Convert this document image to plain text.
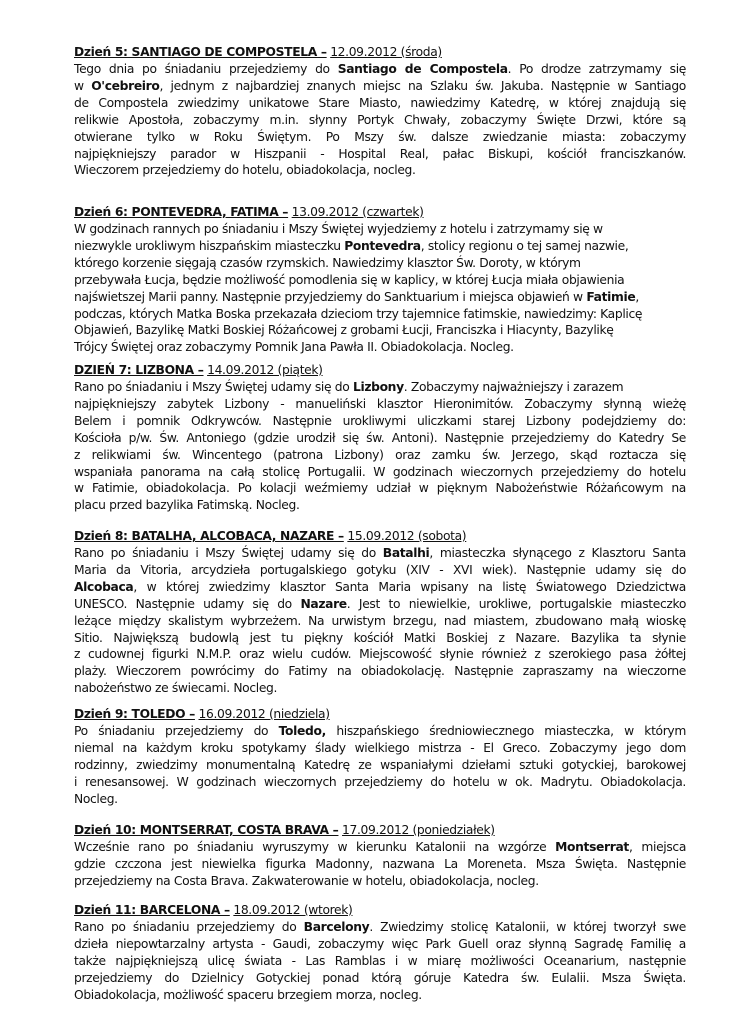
Dzień 5: SANTIAGO DE COMPOSTELA – 12.09.2012 (środa)
Tego dnia po śniadaniu przejedziemy do Santiago de Compostela. Po drodze zatrzymamy się
w O'cebreiro, jednym z najbardziej znanych miejsc na Szlaku św. Jakuba. Następnie w Santiago
de Compostela zwiedzimy unikatowe Stare Miasto, nawiedzimy Katedrę, w której znajdują się
relikwie Apostoła, zobaczymy m.in. słynny Portyk Chwały, zobaczymy Święte Drzwi, które są
otwierane tylko w Roku Świętym. Po Mszy św. dalsze zwiedzanie miasta: zobaczymy
najpiękniejszy parador w Hiszpanii - Hospital Real, pałac Biskupi, kościół franciszkanów.
Wieczorem przejedziemy do hotelu, obiadokolacja, nocleg.
Dzień 6: PONTEVEDRA, FATIMA – 13.09.2012 (czwartek)
W godzinach rannych po śniadaniu i Mszy Świętej wyjedziemy z hotelu i zatrzymamy się w
niezwykle urokliwym hiszpańskim miasteczku Pontevedra, stolicy regionu o tej samej nazwie,
którego korzenie sięgają czasów rzymskich. Nawiedzimy klasztor Św. Doroty, w którym
przebywała Łucja, będzie możliwość pomodlenia się w kaplicy, w której Łucja miała objawienia
najświetszej Marii panny. Następnie przyjedziemy do Sanktuarium i miejsca objawień w Fatimie,
podczas, których Matka Boska przekazała dzieciom trzy tajemnice fatimskie, nawiedzimy: Kaplicę
Objawień, Bazylikę Matki Boskiej Różańcowej z grobami Łucji, Franciszka i Hiacynty, Bazylikę
Trójcy Świętej oraz zobaczymy Pomnik Jana Pawła II. Obiadokolacja. Nocleg.
DZIEŃ 7: LIZBONA – 14.09.2012 (piątek)
Rano po śniadaniu i Mszy Świętej udamy się do Lizbony. Zobaczymy najważniejszy i zarazem
najpiękniejszy zabytek Lizbony - manueliński klasztor Hieronimitów. Zobaczymy słynną wieżę
Belem i pomnik Odkrywców. Następnie urokliwymi uliczkami starej Lizbony podejdziemy do:
Kościoła p/w. Św. Antoniego (gdzie urodził się św. Antoni). Następnie przejedziemy do Katedry Se
z relikwiami św. Wincentego (patrona Lizbony) oraz zamku św. Jerzego, skąd roztacza się
wspaniała panorama na całą stolicę Portugalii. W godzinach wieczornych przejedziemy do hotelu
w Fatimie, obiadokolacja. Po kolacji weźmiemy udział w pięknym Nabożeństwie Różańcowym na
placu przed bazylika Fatimską. Nocleg.
Dzień 8: BATALHA, ALCOBACA, NAZARE – 15.09.2012 (sobota)
Rano po śniadaniu i Mszy Świętej udamy się do Batalhi, miasteczka słynącego z Klasztoru Santa
Maria da Vitoria, arcydzieła portugalskiego gotyku (XIV - XVI wiek). Następnie udamy się do
Alcobaca, w której zwiedzimy klasztor Santa Maria wpisany na listę Światowego Dziedzictwa
UNESCO. Następnie udamy się do Nazare. Jest to niewielkie, urokliwe, portugalskie miasteczko
leżące między skalistym wybrzeżem. Na urwistym brzegu, nad miastem, zbudowano małą wioskę
Sitio. Największą budowlą jest tu piękny kościół Matki Boskiej z Nazare. Bazylika ta słynie
z cudownej figurki N.M.P. oraz wielu cudów. Miejscowość słynie również z szerokiego pasa żółtej
plaży. Wieczorem powrócimy do Fatimy na obiadokolację. Następnie zapraszamy na wieczorne
nabożeństwo ze świecami. Nocleg.
Dzień 9: TOLEDO – 16.09.2012 (niedziela)
Po śniadaniu przejedziemy do Toledo, hiszpańskiego średniowiecznego miasteczka, w którym
niemal na każdym kroku spotykamy ślady wielkiego mistrza - El Greco. Zobaczymy jego dom
rodzinny, zwiedzimy monumentalną Katedrę ze wspaniałymi dziełami sztuki gotyckiej, barokowej
i renesansowej. W godzinach wieczornych przejedziemy do hotelu w ok. Madrytu. Obiadokolacja.
Nocleg.
Dzień 10: MONTSERRAT, COSTA BRAVA – 17.09.2012 (poniedziałek)
Wcześnie rano po śniadaniu wyruszymy w kierunku Katalonii na wzgórze Montserrat, miejsca
gdzie czczona jest niewielka figurka Madonny, nazwana La Moreneta. Msza Święta. Następnie
przejedziemy na Costa Brava. Zakwaterowanie w hotelu, obiadokolacja, nocleg.
Dzień 11: BARCELONA – 18.09.2012 (wtorek)
Rano po śniadaniu przejedziemy do Barcelony. Zwiedzimy stolicę Katalonii, w której tworzył swe
dzieła niepowtarzalny artysta - Gaudi, zobaczymy więc Park Guell oraz słynną Sagradę Familię a
także najpiękniejszą ulicę świata - Las Ramblas i w miarę możliwości Oceanarium, następnie
przejedziemy do Dzielnicy Gotyckiej ponad którą góruje Katedra św. Eulalii. Msza Święta.
Obiadokolacja, możliwość spaceru brzegiem morza, nocleg.
